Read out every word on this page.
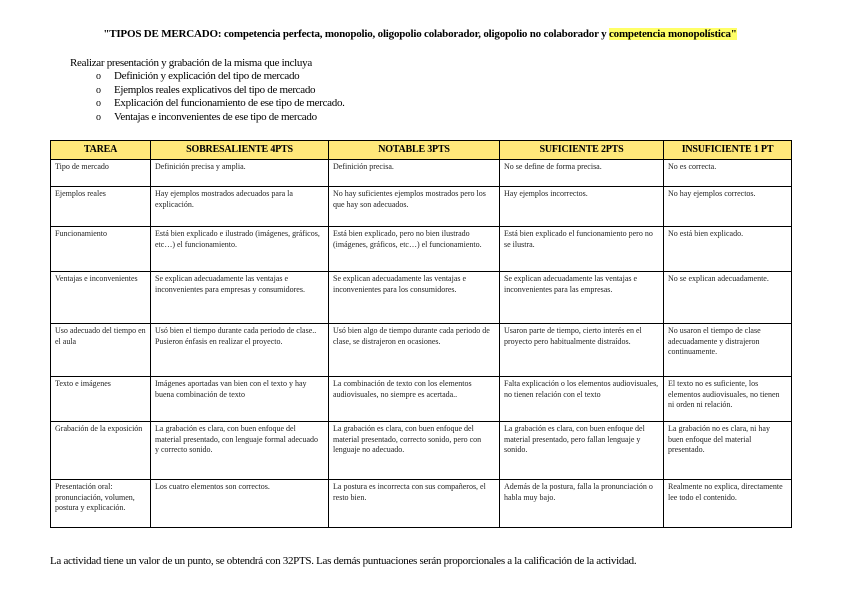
"TIPOS DE MERCADO: competencia perfecta, monopolio, oligopolio colaborador, oligopolio no colaborador y competencia monopolística"
Realizar presentación y grabación de la misma que incluya
o Definición y explicación del tipo de mercado
o Ejemplos reales explicativos del tipo de mercado
o Explicación del funcionamiento de ese tipo de mercado.
o Ventajas e inconvenientes de ese tipo de mercado
TAREA	SOBRESALIENTE 4PTS	NOTABLE 3PTS	SUFICIENTE 2PTS	INSUFICIENTE 1 PT
Tipo de mercado	Definición precisa y amplia.	Definición precisa.	No se define de forma precisa.	No es correcta.
Ejemplos reales	Hay ejemplos mostrados adecuados para la explicación.	No hay suficientes ejemplos mostrados pero los que hay son adecuados.	Hay ejemplos incorrectos.	No hay ejemplos correctos.
Funcionamiento	Está bien explicado e ilustrado (imágenes, gráficos, etc…) el funcionamiento.	Está bien explicado, pero no bien ilustrado (imágenes, gráficos, etc…) el funcionamiento.	Está bien explicado el funcionamiento pero no se ilustra.	No está bien explicado.
Ventajas e inconvenientes	Se explican adecuadamente las ventajas e inconvenientes para empresas y consumidores.	Se explican adecuadamente las ventajas e inconvenientes para los consumidores.	Se explican adecuadamente las ventajas e inconvenientes para las empresas.	No se explican adecuadamente.
Uso adecuado del tiempo en el aula	Usó bien el tiempo durante cada periodo de clase.. Pusieron énfasis en realizar el proyecto.	Usó bien algo de tiempo durante cada periodo de clase, se distrajeron en ocasiones.	Usaron parte de tiempo, cierto interés en el proyecto pero habitualmente distraídos.	No usaron el tiempo de clase adecuadamente y distrajeron continuamente.
Texto e imágenes	Imágenes aportadas van bien con el texto y hay buena combinación de texto	La combinación de texto con los elementos audiovisuales, no siempre es acertada..	Falta explicación o los elementos audiovisuales, no tienen relación con el texto	El texto no es suficiente, los elementos audiovisuales, no tienen ni orden ni relación.
Grabación de la exposición	La grabación es clara, con buen enfoque del material presentado, con lenguaje formal adecuado y correcto sonido.	La grabación es clara, con buen enfoque del material presentado, correcto sonido, pero con lenguaje no adecuado.	La grabación es clara, con buen enfoque del material presentado, pero fallan lenguaje y sonido.	La grabación no es clara, ni hay buen enfoque del material presentado.
Presentación oral: pronunciación, volumen, postura y explicación.	Los cuatro elementos son correctos.	La postura es incorrecta con sus compañeros, el resto bien.	Además de la postura, falla la pronunciación o habla muy bajo.	Realmente no explica, directamente lee todo el contenido.
La actividad tiene un valor de un punto, se obtendrá con 32PTS. Las demás puntuaciones serán proporcionales a la calificación de la actividad.
